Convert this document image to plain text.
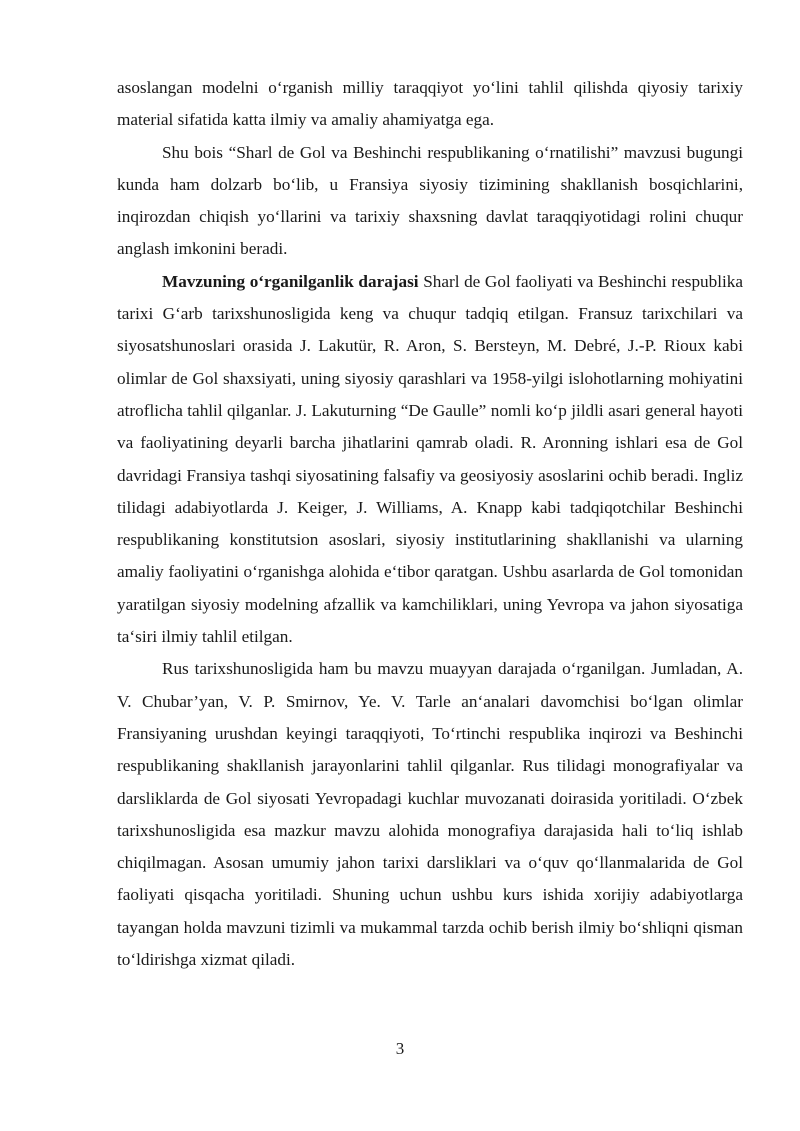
asoslangan modelni o‘rganish milliy taraqqiyot yo‘lini tahlil qilishda qiyosiy tarixiy material sifatida katta ilmiy va amaliy ahamiyatga ega.

Shu bois “Sharl de Gol va Beshinchi respublikaning o‘rnatilishi” mavzusi bugungi kunda ham dolzarb bo‘lib, u Fransiya siyosiy tizimining shakllanish bosqichlarini, inqirozdan chiqish yo‘llarini va tarixiy shaxsning davlat taraqqiyotidagi rolini chuqur anglash imkonini beradi.

Mavzuning o‘rganilganlik darajasi Sharl de Gol faoliyati va Beshinchi respublika tarixi G‘arb tarixshunosligida keng va chuqur tadqiq etilgan. Fransuz tarixchilari va siyosatshunoslari orasida J. Lakutür, R. Aron, S. Bersteyn, M. Debré, J.-P. Rioux kabi olimlar de Gol shaxsiyati, uning siyosiy qarashlari va 1958-yilgi islohotlarning mohiyatini atroflicha tahlil qilganlar. J. Lakuturning “De Gaulle” nomli ko‘p jildli asari general hayoti va faoliyatining deyarli barcha jihatlarini qamrab oladi. R. Aronning ishlari esa de Gol davridagi Fransiya tashqi siyosatining falsafiy va geosiyosiy asoslarini ochib beradi. Ingliz tilidagi adabiyotlarda J. Keiger, J. Williams, A. Knapp kabi tadqiqotchilar Beshinchi respublikaning konstitutsion asoslari, siyosiy institutlarining shakllanishi va ularning amaliy faoliyatini o‘rganishga alohida e‘tibor qaratgan. Ushbu asarlarda de Gol tomonidan yaratilgan siyosiy modelning afzallik va kamchiliklari, uning Yevropa va jahon siyosatiga ta‘siri ilmiy tahlil etilgan.

Rus tarixshunosligida ham bu mavzu muayyan darajada o‘rganilgan. Jumladan, A. V. Chubar’yan, V. P. Smirnov, Ye. V. Tarle an‘analari davomchisi bo‘lgan olimlar Fransiyaning urushdan keyingi taraqqiyoti, To‘rtinchi respublika inqirozi va Beshinchi respublikaning shakllanish jarayonlarini tahlil qilganlar. Rus tilidagi monografiyalar va darsliklarda de Gol siyosati Yevropadagi kuchlar muvozanati doirasida yoritiladi. O‘zbek tarixshunosligida esa mazkur mavzu alohida monografiya darajasida hali to‘liq ishlab chiqilmagan. Asosan umumiy jahon tarixi darsliklari va o‘quv qo‘llanmalarida de Gol faoliyati qisqacha yoritiladi. Shuning uchun ushbu kurs ishida xorijiy adabiyotlarga tayangan holda mavzuni tizimli va mukammal tarzda ochib berish ilmiy bo‘shliqni qisman to‘ldirishga xizmat qiladi.

3
